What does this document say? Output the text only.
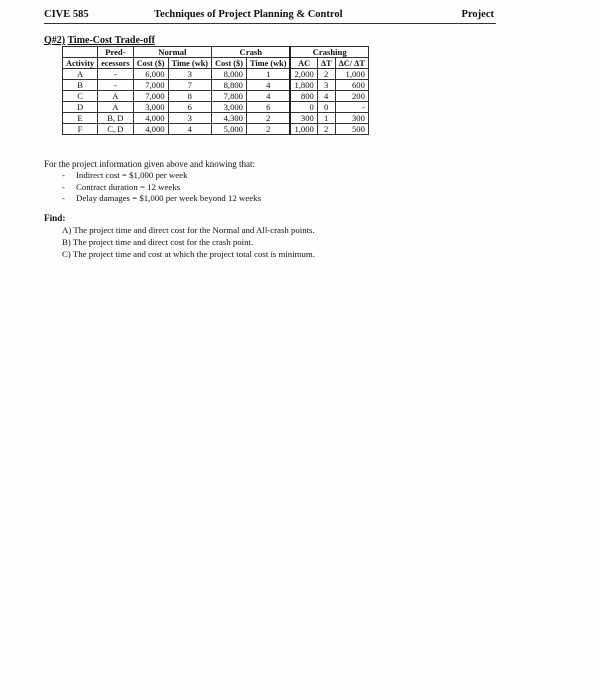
CIVE 585	Techniques of Project Planning & Control	Project
Q#2) Time-Cost Trade-off
	Pred-	Normal		Crash		Crashing		
Activity	ecessors	Cost ($)	Time (wk)	Cost ($)	Time (wk)	AC	ΔT	ΔC/ ΔT
A	-	6,000	3	8,000	1	2,000	2	1,000
B	-	7,000	7	8,800	4	1,800	3	600
C	A	7,000	8	7,800	4	800	4	200
D	A	3,000	6	3,000	6	0	0	-
E	B, D	4,000	3	4,300	2	300	1	300
F	C, D	4,000	4	5,000	2	1,000	2	500
For the project information given above and knowing that:
- Indirect cost = $1,000 per week
- Contract duration = 12 weeks
- Delay damages = $1,000 per week beyond 12 weeks
Find:
A) The project time and direct cost for the Normal and All-crash points.
B) The project time and direct cost for the crash point.
C) The project time and cost at which the project total cost is minimum.
